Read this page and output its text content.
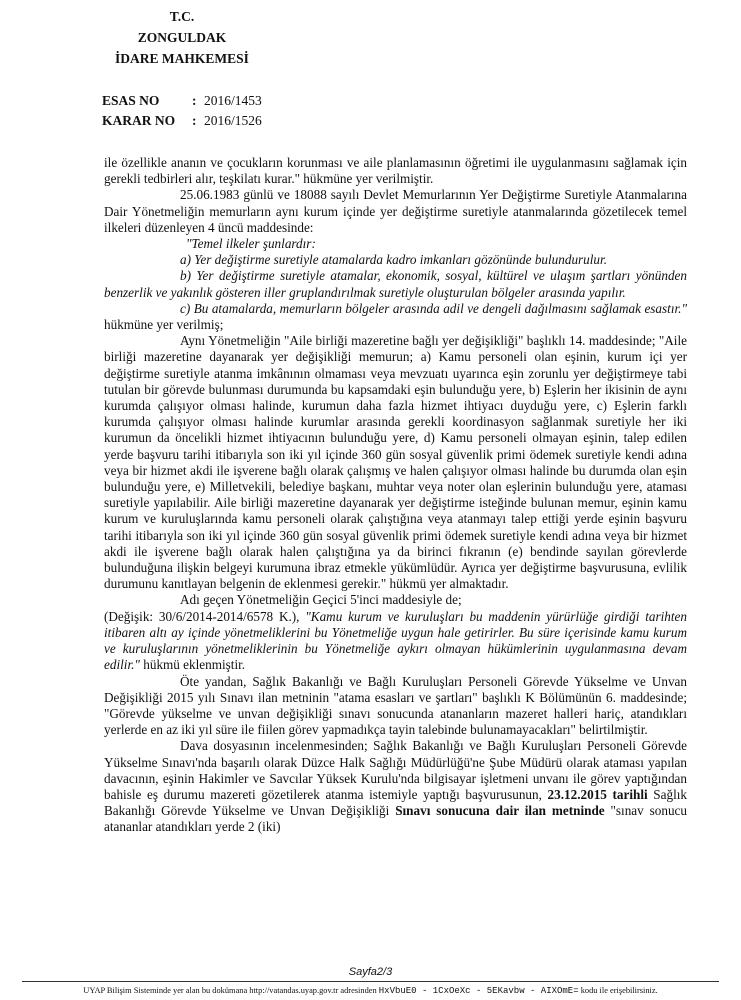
T.C.
ZONGULDAK
İDARE MAHKEMESİ
ESAS NO	: 2016/1453
KARAR NO	: 2016/1526

ile özellikle ananın ve çocukların korunması ve aile planlamasının öğretimi ile uygulanmasını sağlamak için gerekli tedbirleri alır, teşkilatı kurar." hükmüne yer verilmiştir.

25.06.1983 günlü ve 18088 sayılı Devlet Memurlarının Yer Değiştirme Suretiyle Atanmalarına Dair Yönetmeliğin memurların aynı kurum içinde yer değiştirme suretiyle atanmalarında gözetilecek temel ilkeleri düzenleyen 4 üncü maddesinde:

"Temel ilkeler şunlardır:

a) Yer değiştirme suretiyle atamalarda kadro imkanları gözönünde bulundurulur.

b) Yer değiştirme suretiyle atamalar, ekonomik, sosyal, kültürel ve ulaşım şartları yönünden benzerlik ve yakınlık gösteren iller gruplandırılmak suretiyle oluşturulan bölgeler arasında yapılır.

c) Bu atamalarda, memurların bölgeler arasında adil ve dengeli dağılmasını sağlamak esastır." hükmüne yer verilmiş;

Aynı Yönetmeliğin "Aile birliği mazeretine bağlı yer değişikliği" başlıklı 14. maddesinde; "Aile birliği mazeretine dayanarak yer değişikliği memurun; a) Kamu personeli olan eşinin, kurum içi yer değiştirme suretiyle atanma imkânının olmaması veya mevzuatı uyarınca eşin zorunlu yer değiştirmeye tabi tutulan bir görevde bulunması durumunda bu kapsamdaki eşin bulunduğu yere, b) Eşlerin her ikisinin de aynı kurumda çalışıyor olması halinde, kurumun daha fazla hizmet ihtiyacı duyduğu yere, c) Eşlerin farklı kurumda çalışıyor olması halinde kurumlar arasında gerekli koordinasyon sağlanmak suretiyle her iki kurumun da öncelikli hizmet ihtiyacının bulunduğu yere, d) Kamu personeli olmayan eşinin, talep edilen yerde başvuru tarihi itibarıyla son iki yıl içinde 360 gün sosyal güvenlik primi ödemek suretiyle kendi adına veya bir hizmet akdi ile işverene bağlı olarak çalışmış ve halen çalışıyor olması halinde bu durumda olan eşin bulunduğu yere, e) Milletvekili, belediye başkanı, muhtar veya noter olan eşlerinin bulunduğu yere, ataması suretiyle yapılabilir. Aile birliği mazeretine dayanarak yer değiştirme isteğinde bulunan memur, eşinin kamu kurum ve kuruluşlarında kamu personeli olarak çalıştığına veya atanmayı talep ettiği yerde eşinin başvuru tarihi itibarıyla son iki yıl içinde 360 gün sosyal güvenlik primi ödemek suretiyle kendi adına veya bir hizmet akdi ile işverene bağlı olarak halen çalıştığına ya da birinci fıkranın (e) bendinde sayılan görevlerde bulunduğuna ilişkin belgeyi kurumuna ibraz etmekle yükümlüdür. Ayrıca yer değiştirme başvurusuna, evlilik durumunu kanıtlayan belgenin de eklenmesi gerekir." hükmü yer almaktadır.

Adı geçen Yönetmeliğin Geçici 5'inci maddesiyle de;

(Değişik: 30/6/2014-2014/6578 K.), "Kamu kurum ve kuruluşları bu maddenin yürürlüğe girdiği tarihten itibaren altı ay içinde yönetmeliklerini bu Yönetmeliğe uygun hale getirirler. Bu süre içerisinde kamu kurum ve kuruluşlarının yönetmeliklerinin bu Yönetmeliğe aykırı olmayan hükümlerinin uygulanmasına devam edilir." hükmü eklenmiştir.

Öte yandan, Sağlık Bakanlığı ve Bağlı Kuruluşları Personeli Görevde Yükselme ve Unvan Değişikliği 2015 yılı Sınavı ilan metninin "atama esasları ve şartları" başlıklı K Bölümünün 6. maddesinde; "Görevde yükselme ve unvan değişikliği sınavı sonucunda atananların mazeret halleri hariç, atandıkları yerlerde en az iki yıl süre ile fiilen görev yapmadıkça tayin talebinde bulunamayacakları" belirtilmiştir.

Dava dosyasının incelenmesinden; Sağlık Bakanlığı ve Bağlı Kuruluşları Personeli Görevde Yükselme Sınavı'nda başarılı olarak Düzce Halk Sağlığı Müdürlüğü'ne Şube Müdürü olarak ataması yapılan davacının, eşinin Hakimler ve Savcılar Yüksek Kurulu'nda bilgisayar işletmeni unvanı ile görev yaptığından bahisle eş durumu mazereti gözetilerek atanma istemiyle yaptığı başvurusunun, 23.12.2015 tarihli Sağlık Bakanlığı Görevde Yükselme ve Unvan Değişikliği Sınavı sonucuna dair ilan metninde "sınav sonucu atananlar atandıkları yerde 2 (iki)

Sayfa2/3
UYAP Bilişim Sisteminde yer alan bu dokümana http://vatandas.uyap.gov.tr adresinden HxVbuE0 - 1CxOeXc - 5EKavbw - AIXOmE= kodu ile erişebilirsiniz.
